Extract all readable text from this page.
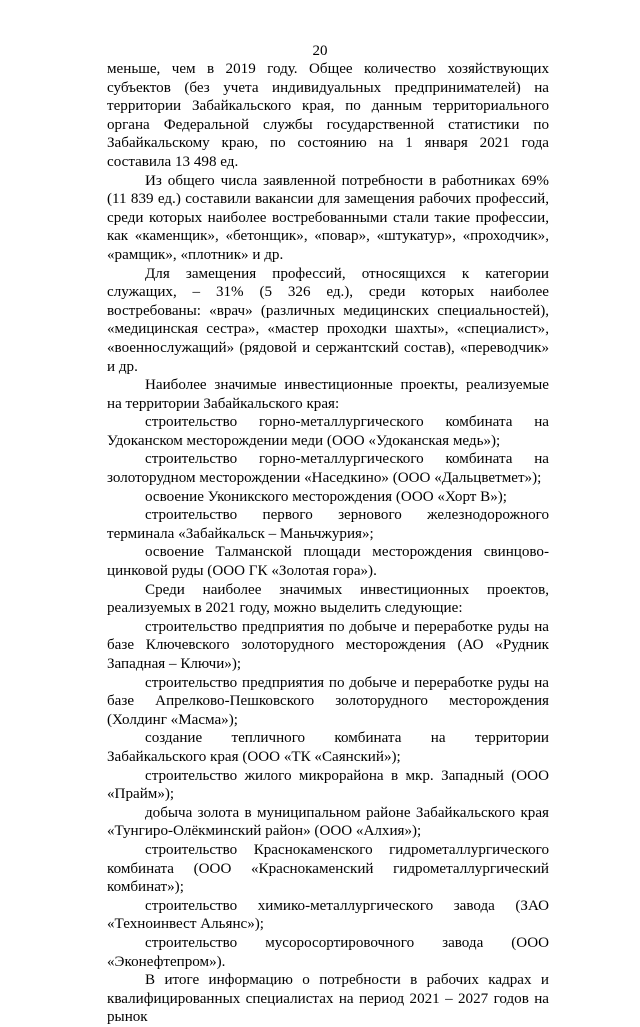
20

меньше, чем в 2019 году. Общее количество хозяйствующих субъектов (без учета индивидуальных предпринимателей) на территории Забайкальского края, по данным территориального органа Федеральной службы государственной статистики по Забайкальскому краю, по состоянию на 1 января 2021 года составила 13 498 ед.

Из общего числа заявленной потребности в работниках 69% (11 839 ед.) составили вакансии для замещения рабочих профессий, среди которых наиболее востребованными стали такие профессии, как «каменщик», «бетонщик», «повар», «штукатур», «проходчик», «рамщик», «плотник» и др.

Для замещения профессий, относящихся к категории служащих, – 31% (5 326 ед.), среди которых наиболее востребованы: «врач» (различных медицинских специальностей), «медицинская сестра», «мастер проходки шахты», «специалист», «военнослужащий» (рядовой и сержантский состав), «переводчик» и др.

Наиболее значимые инвестиционные проекты, реализуемые на территории Забайкальского края:

строительство горно-металлургического комбината на Удоканском месторождении меди (ООО «Удоканская медь»);

строительство горно-металлургического комбината на золоторудном месторождении «Наседкино» (ООО «Дальцветмет»);

освоение Уконикского месторождения (ООО «Хорт В»);

строительство первого зернового железнодорожного терминала «Забайкальск – Маньчжурия»;

освоение Талманской площади месторождения свинцово-цинковой руды (ООО ГК «Золотая гора»).

Среди наиболее значимых инвестиционных проектов, реализуемых в 2021 году, можно выделить следующие:

строительство предприятия по добыче и переработке руды на базе Ключевского золоторудного месторождения (АО «Рудник Западная – Ключи»);

строительство предприятия по добыче и переработке руды на базе Апрелково-Пешковского золоторудного месторождения (Холдинг «Масма»);

создание тепличного комбината на территории Забайкальского края (ООО «ТК «Саянский»);

строительство жилого микрорайона в мкр. Западный (ООО «Прайм»);

добыча золота в муниципальном районе Забайкальского края «Тунгиро-Олёкминский район» (ООО «Алхия»);

строительство Краснокаменского гидрометаллургического комбината (ООО «Краснокаменский гидрометаллургический комбинат»);

строительство химико-металлургического завода (ЗАО «Техноинвест Альянс»);

строительство мусоросортировочного завода (ООО «Эконефтепром»).

В итоге информацию о потребности в рабочих кадрах и квалифицированных специалистах на период 2021 – 2027 годов на рынок
